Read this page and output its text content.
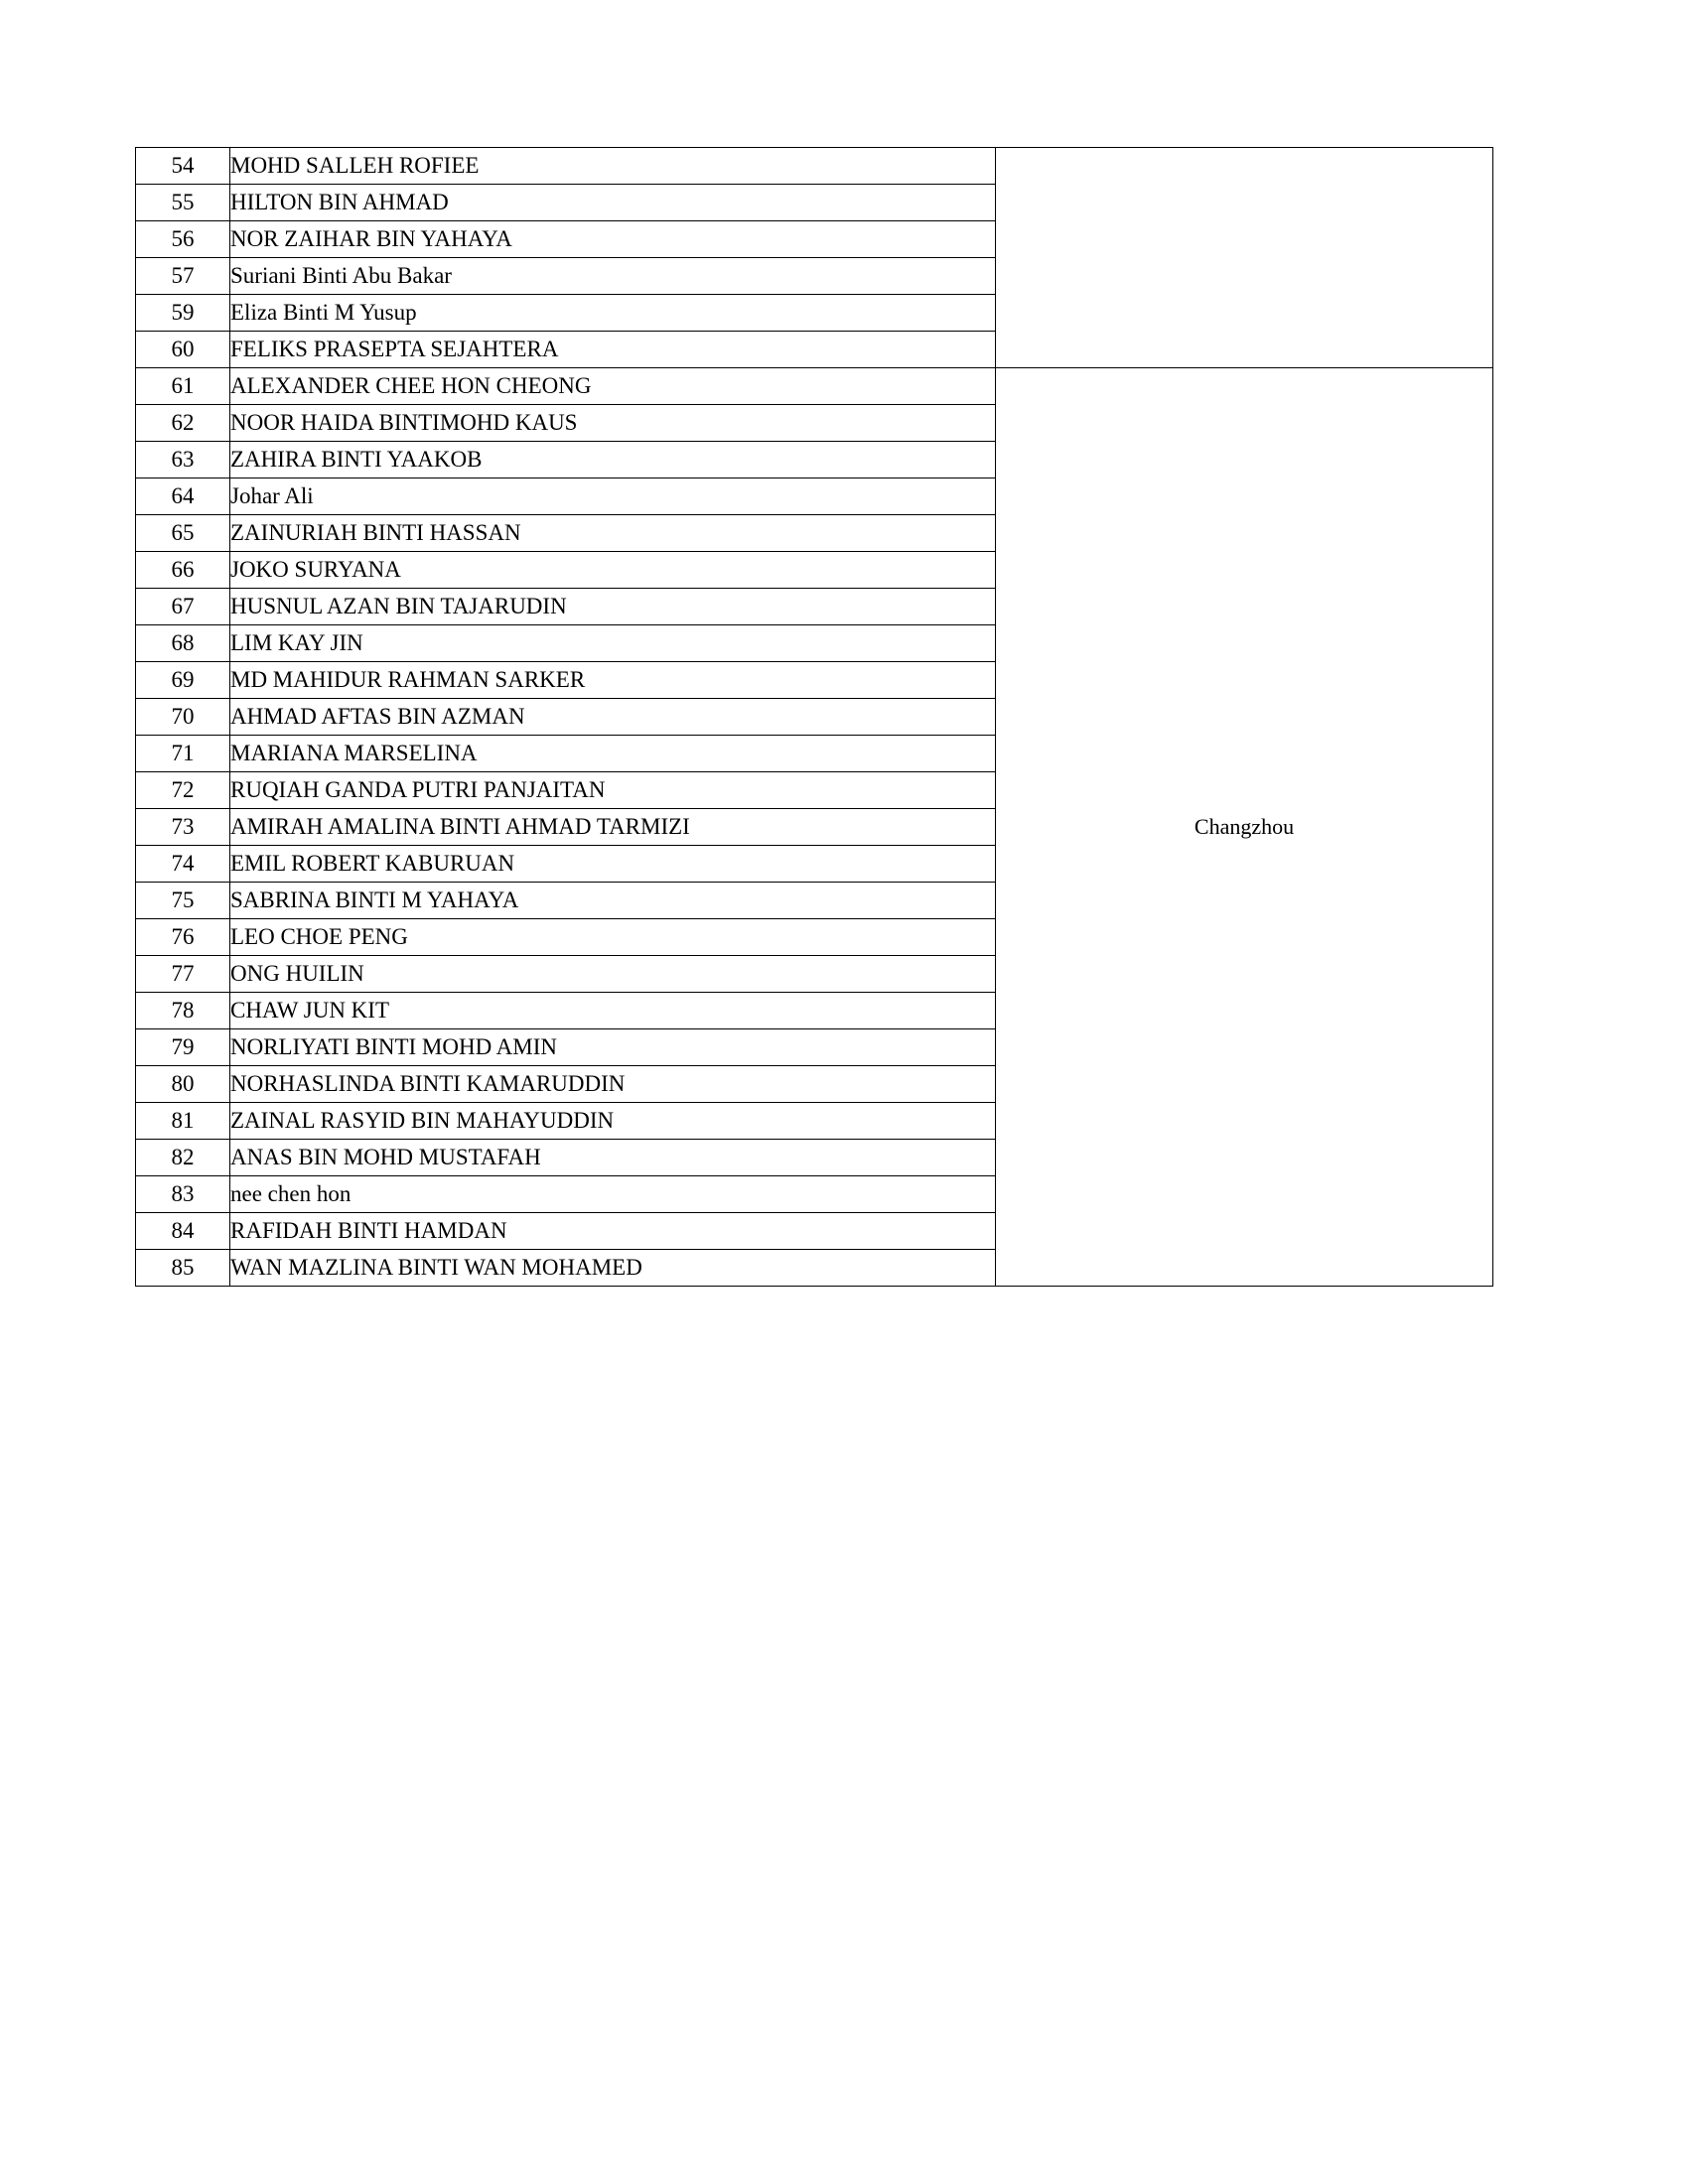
54	MOHD SALLEH ROFIEE	
55	HILTON BIN AHMAD	
56	NOR ZAIHAR BIN YAHAYA	
57	Suriani Binti Abu Bakar	
59	Eliza Binti M Yusup	
60	FELIKS PRASEPTA SEJAHTERA	
61	ALEXANDER CHEE HON CHEONG	Changzhou
62	NOOR HAIDA BINTIMOHD KAUS	
63	ZAHIRA BINTI YAAKOB	
64	Johar Ali	
65	ZAINURIAH BINTI HASSAN	
66	JOKO SURYANA	
67	HUSNUL AZAN BIN TAJARUDIN	
68	LIM KAY JIN	
69	MD MAHIDUR RAHMAN SARKER	
70	AHMAD AFTAS BIN AZMAN	
71	MARIANA MARSELINA	
72	RUQIAH GANDA PUTRI PANJAITAN	
73	AMIRAH AMALINA BINTI AHMAD TARMIZI	
74	EMIL ROBERT KABURUAN	
75	SABRINA BINTI M YAHAYA	
76	LEO CHOE PENG	
77	ONG HUILIN	
78	CHAW JUN KIT	
79	NORLIYATI BINTI MOHD AMIN	
80	NORHASLINDA BINTI KAMARUDDIN	
81	ZAINAL RASYID BIN MAHAYUDDIN	
82	ANAS BIN MOHD MUSTAFAH	
83	nee chen hon	
84	RAFIDAH BINTI HAMDAN	
85	WAN MAZLINA BINTI WAN MOHAMED	
